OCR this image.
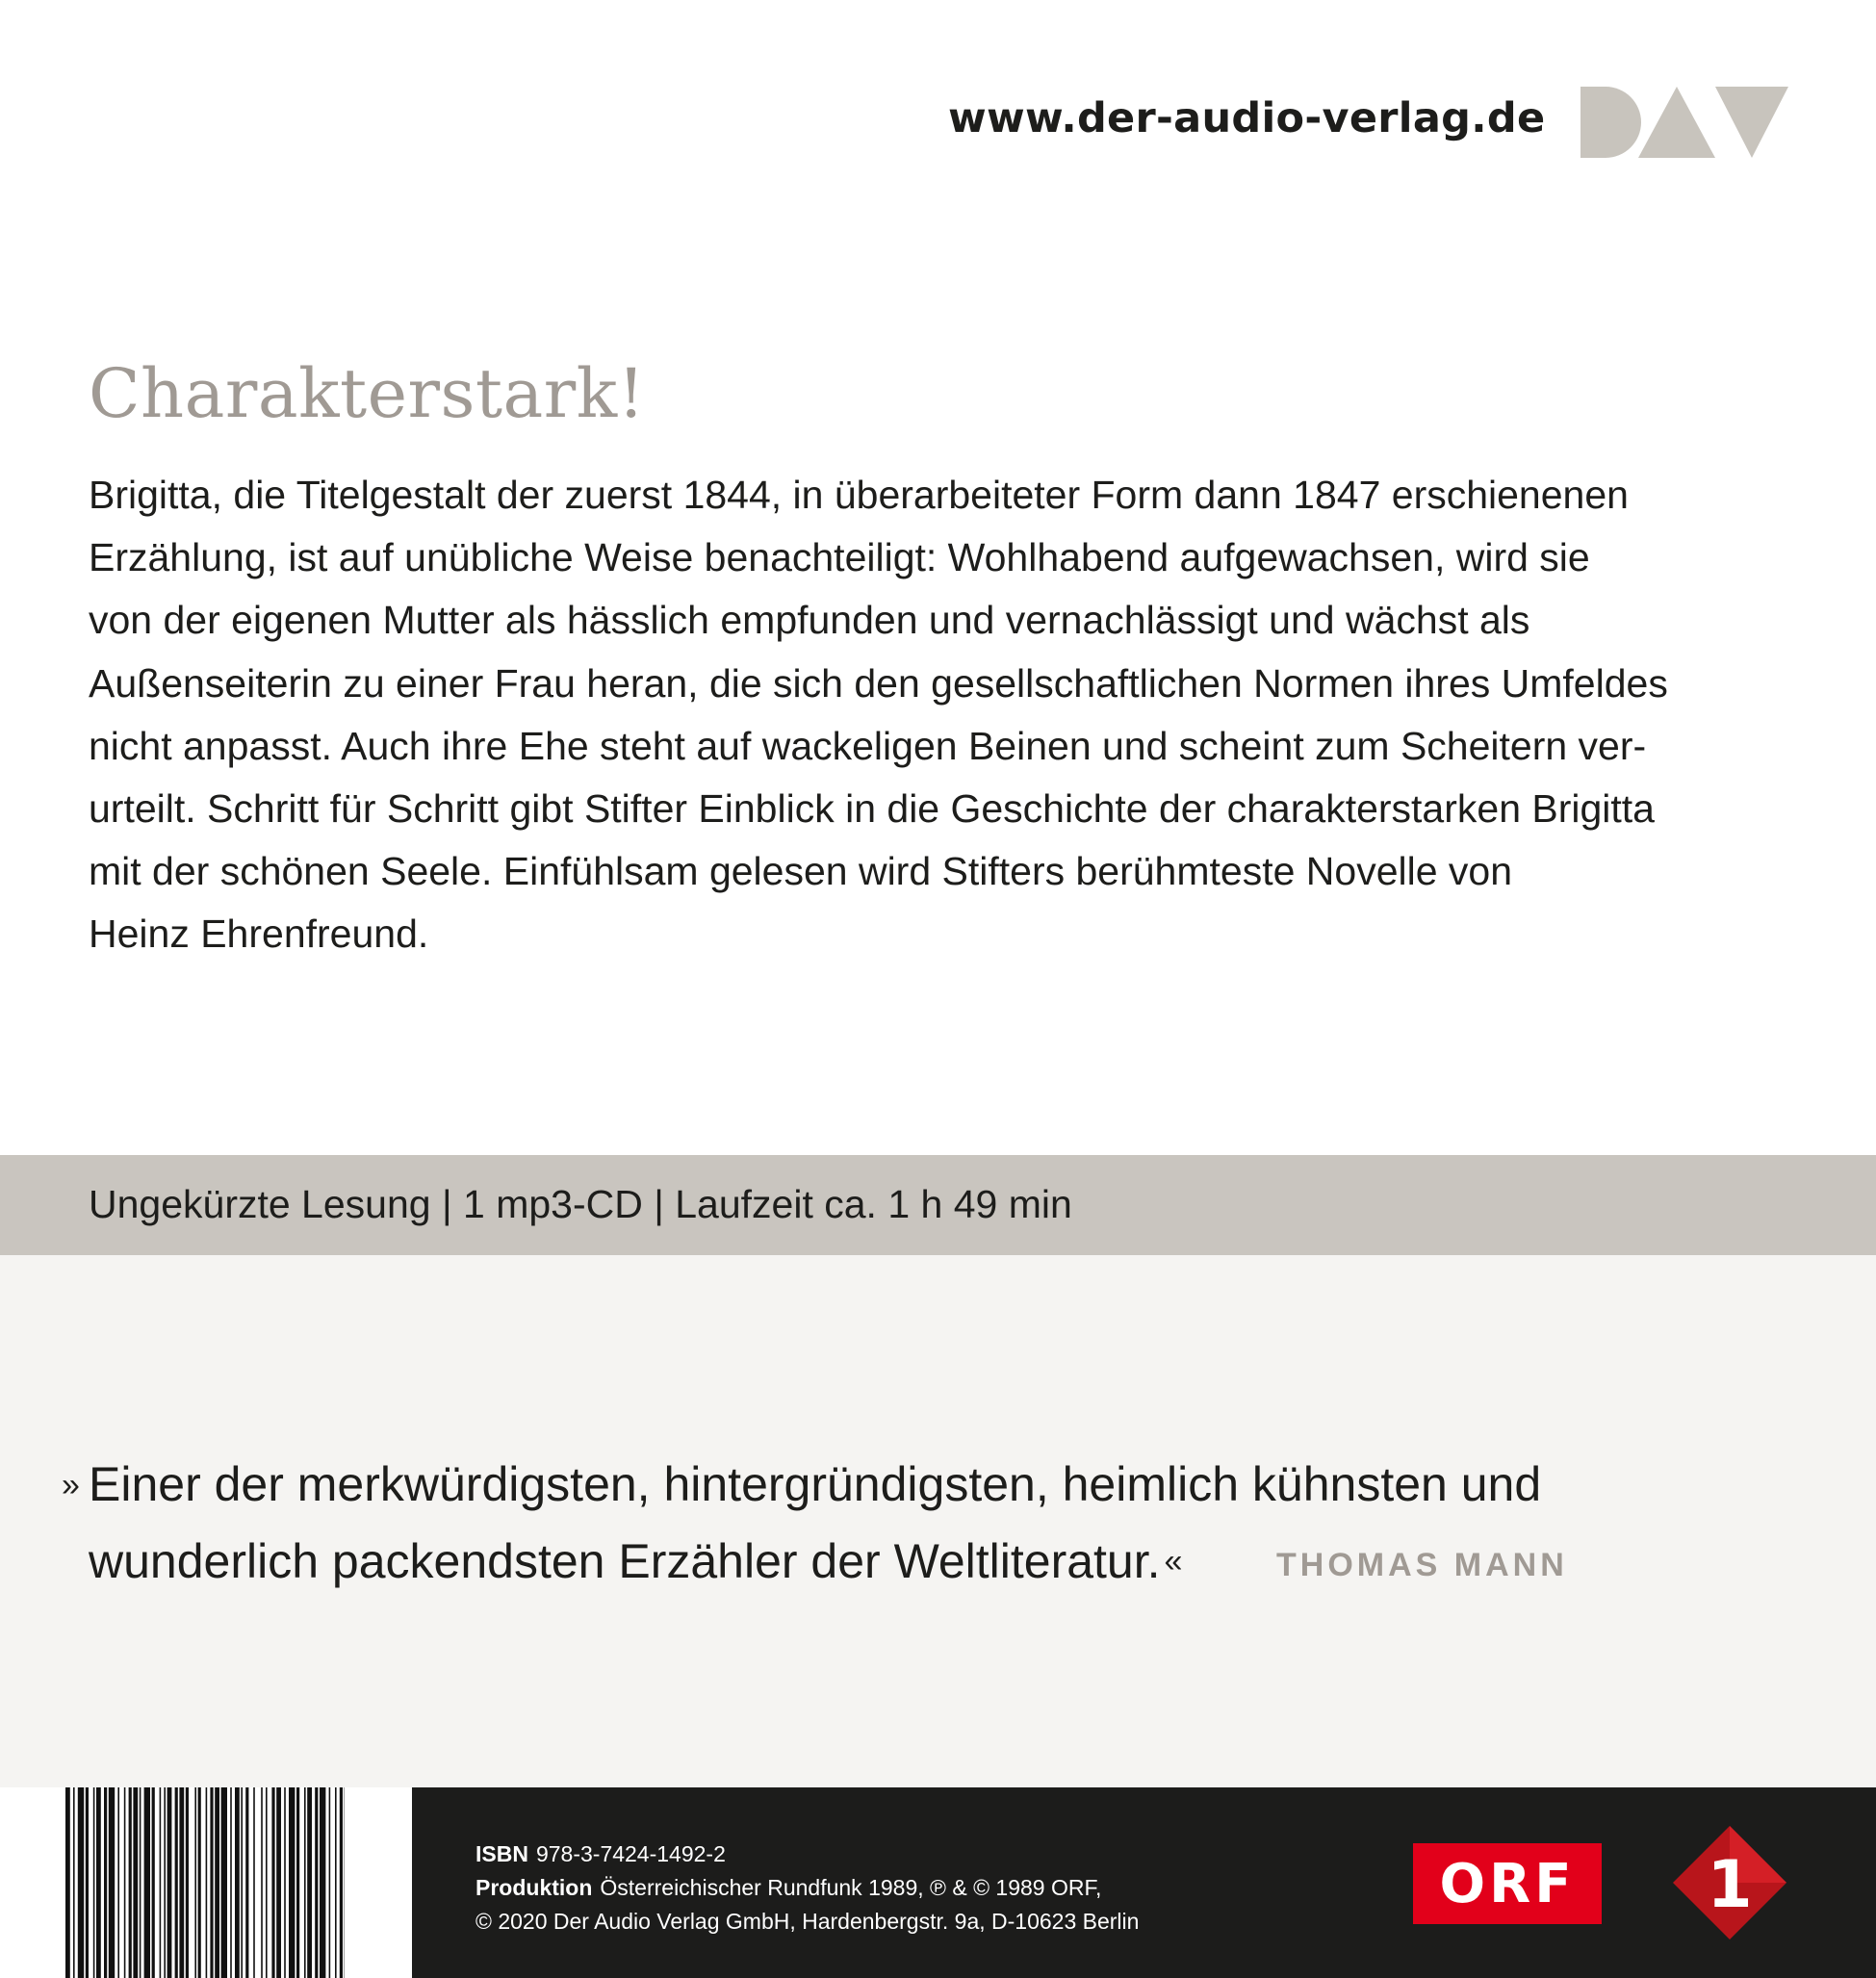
www.der-audio-verlag.de
Charakterstark!
Brigitta, die Titelgestalt der zuerst 1844, in überarbeiteter Form dann 1847 erschienenen
Erzählung, ist auf unübliche Weise benachteiligt: Wohlhabend aufgewachsen, wird sie
von der eigenen Mutter als hässlich empfunden und vernachlässigt und wächst als
Außenseiterin zu einer Frau heran, die sich den gesellschaftlichen Normen ihres Umfeldes
nicht anpasst. Auch ihre Ehe steht auf wackeligen Beinen und scheint zum Scheitern ver-
urteilt. Schritt für Schritt gibt Stifter Einblick in die Geschichte der charakterstarken Brigitta
mit der schönen Seele. Einfühlsam gelesen wird Stifters berühmteste Novelle von
Heinz Ehrenfreund.
Ungekürzte Lesung | 1 mp3-CD | Laufzeit ca. 1 h 49 min
» Einer der merkwürdigsten, hintergründigsten, heimlich kühnsten und
wunderlich packendsten Erzähler der Weltliteratur. «	THOMAS MANN
ISBN 978-3-7424-1492-2
Produktion Österreichischer Rundfunk 1989, ℗ & © 1989 ORF,
© 2020 Der Audio Verlag GmbH, Hardenbergstr. 9a, D-10623 Berlin
ORF	1
